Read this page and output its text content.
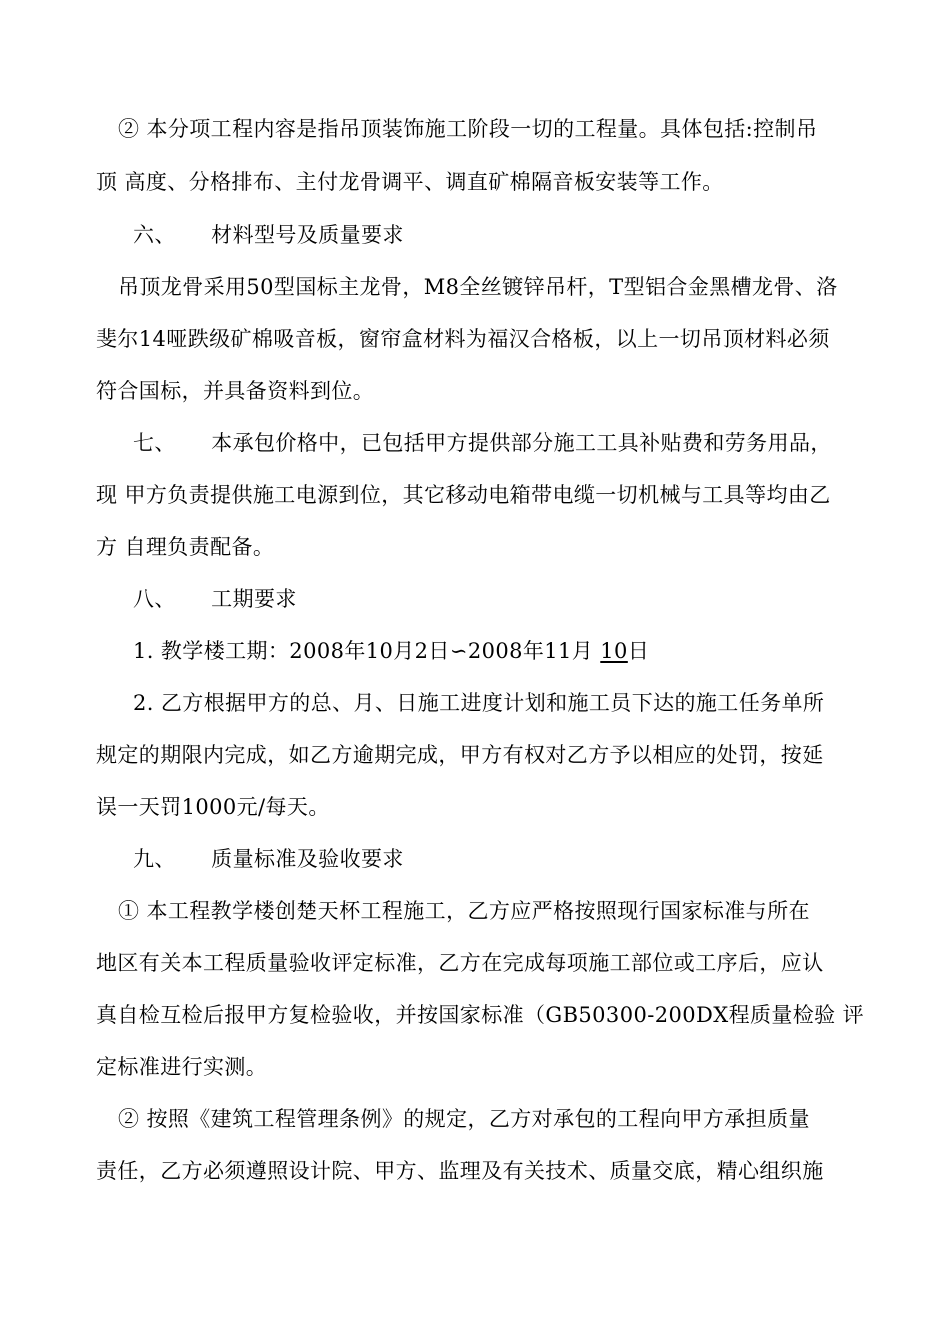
② 本分项工程内容是指吊顶装饰施工阶段一切的工程量。具体包括:控制吊
顶 高度、分格排布、主付龙骨调平、调直矿棉隔音板安装等工作。
六、     材料型号及质量要求
吊顶龙骨采用50型国标主龙骨，M8全丝镀锌吊杆，T型铝合金黑槽龙骨、洛
斐尔14哑跌级矿棉吸音板，窗帘盒材料为福汉合格板，以上一切吊顶材料必须
符合国标，并具备资料到位。
七、     本承包价格中，已包括甲方提供部分施工工具补贴费和劳务用品，
现 甲方负责提供施工电源到位，其它移动电箱带电缆一切机械与工具等均由乙
方 自理负责配备。
八、     工期要求
1. 教学楼工期：2008年10月2日∽2008年11月 10日
2. 乙方根据甲方的总、月、日施工进度计划和施工员下达的施工任务单所
规定的期限内完成，如乙方逾期完成，甲方有权对乙方予以相应的处罚，按延
误一天罚1000元/每天。
九、     质量标准及验收要求
① 本工程教学楼创楚天杯工程施工，乙方应严格按照现行国家标准与所在
地区有关本工程质量验收评定标准，乙方在完成每项施工部位或工序后，应认
真自检互检后报甲方复检验收，并按国家标准（GB50300-200DX程质量检验 评
定标准进行实测。
② 按照《建筑工程管理条例》的规定，乙方对承包的工程向甲方承担质量
责任，乙方必须遵照设计院、甲方、监理及有关技术、质量交底，精心组织施
